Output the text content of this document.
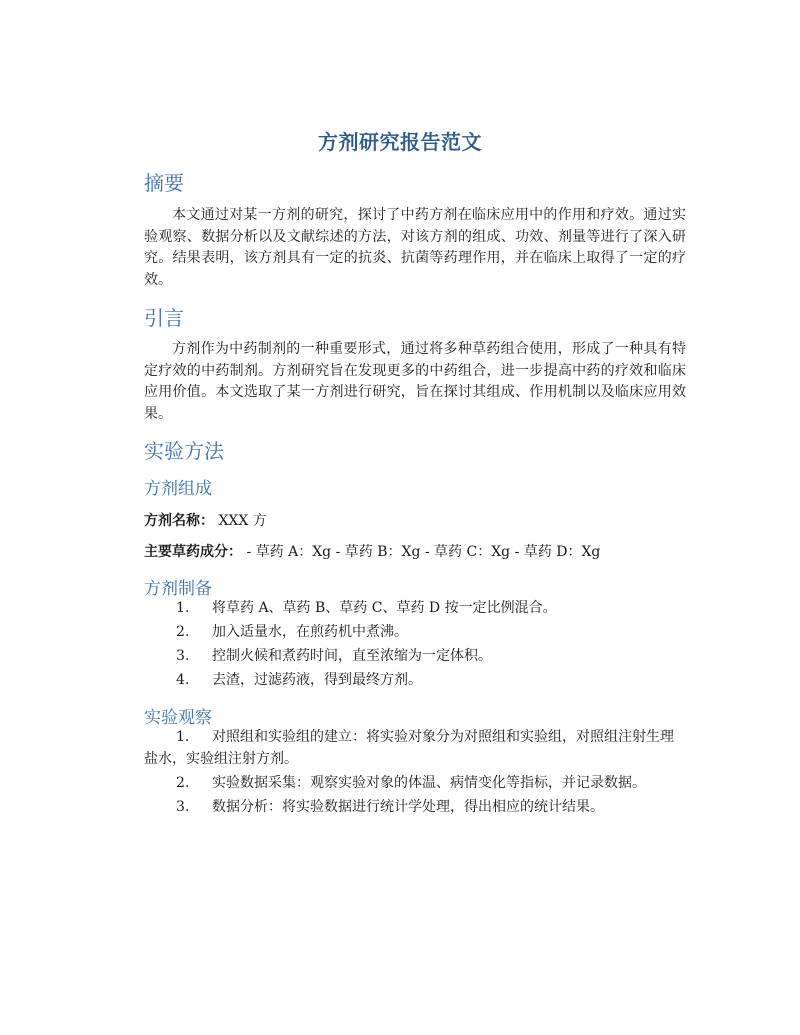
方剂研究报告范文
摘要

本文通过对某一方剂的研究，探讨了中药方剂在临床应用中的作用和疗效。通过实验观察、数据分析以及文献综述的方法，对该方剂的组成、功效、剂量等进行了深入研究。结果表明，该方剂具有一定的抗炎、抗菌等药理作用，并在临床上取得了一定的疗效。

引言

方剂作为中药制剂的一种重要形式，通过将多种草药组合使用，形成了一种具有特定疗效的中药制剂。方剂研究旨在发现更多的中药组合，进一步提高中药的疗效和临床应用价值。本文选取了某一方剂进行研究，旨在探讨其组成、作用机制以及临床应用效果。

实验方法
方剂组成

方剂名称： XXX 方

主要草药成分： - 草药 A：Xg - 草药 B：Xg - 草药 C：Xg - 草药 D：Xg

方剂制备
1. 将草药 A、草药 B、草药 C、草药 D 按一定比例混合。
2. 加入适量水，在煎药机中煮沸。
3. 控制火候和煮药时间，直至浓缩为一定体积。
4. 去渣，过滤药液，得到最终方剂。
实验观察
1. 对照组和实验组的建立：将实验对象分为对照组和实验组，对照组注射生理盐水，实验组注射方剂。
2. 实验数据采集：观察实验对象的体温、病情变化等指标，并记录数据。
3. 数据分析：将实验数据进行统计学处理，得出相应的统计结果。
